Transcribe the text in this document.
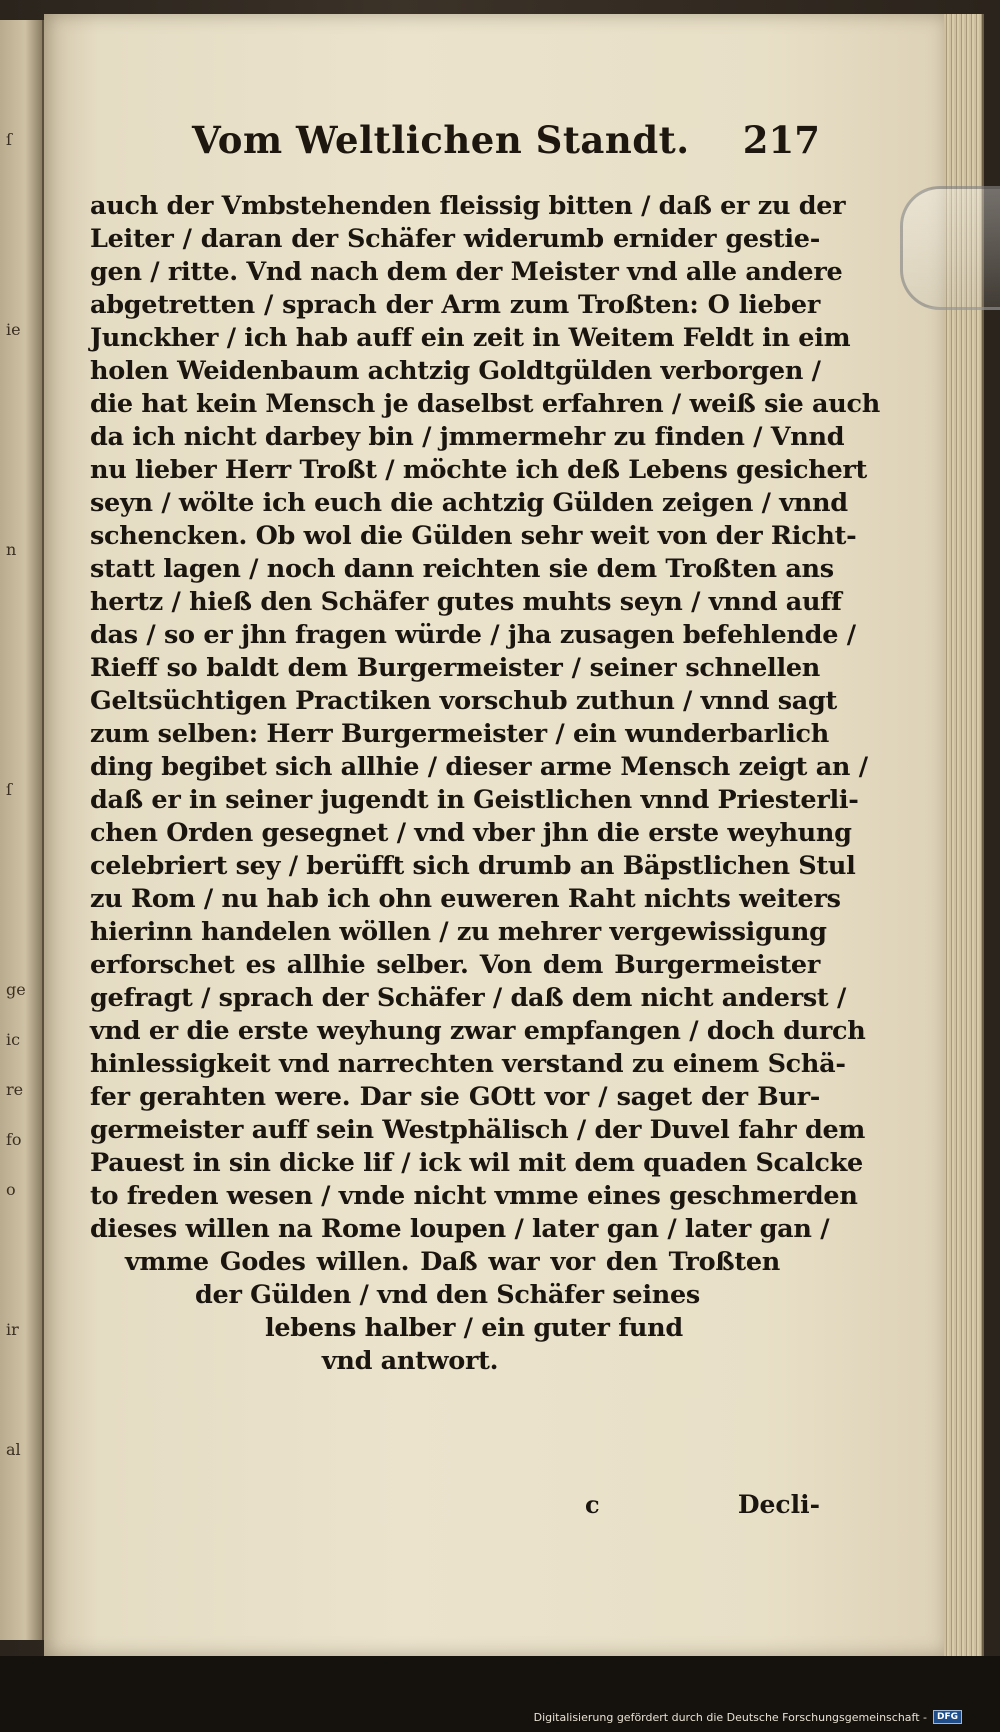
ſ
ie
n
ſ
ge
ic
re
fo
o
ir
al
Vom Weltlichen Standt. 217
auch der Vmbstehenden fleissig bitten / daß er zu der
Leiter / daran der Schäfer widerumb ernider gestie-
gen / ritte. Vnd nach dem der Meister vnd alle andere
abgetretten / sprach der Arm zum Troßten: O lieber
Junckher / ich hab auff ein zeit in Weitem Feldt in eim
holen Weidenbaum achtzig Goldtgülden verborgen /
die hat kein Mensch je daselbst erfahren / weiß sie auch
da ich nicht darbey bin / jmmermehr zu finden / Vnnd
nu lieber Herr Troßt / möchte ich deß Lebens gesichert
seyn / wölte ich euch die achtzig Gülden zeigen / vnnd
schencken. Ob wol die Gülden sehr weit von der Richt-
statt lagen / noch dann reichten sie dem Troßten ans
hertz / hieß den Schäfer gutes muhts seyn / vnnd auff
das / so er jhn fragen würde / jha zusagen befehlende /
Rieff so baldt dem Burgermeister / seiner schnellen
Geltsüchtigen Practiken vorschub zuthun / vnnd sagt
zum selben: Herr Burgermeister / ein wunderbarlich
ding begibet sich allhie / dieser arme Mensch zeigt an /
daß er in seiner jugendt in Geistlichen vnnd Priesterli-
chen Orden gesegnet / vnd vber jhn die erste weyhung
celebriert sey / berüfft sich drumb an Bäpstlichen Stul
zu Rom / nu hab ich ohn euweren Raht nichts weiters
hierinn handelen wöllen / zu mehrer vergewissigung
erforschet es allhie selber. Von dem Burgermeister
gefragt / sprach der Schäfer / daß dem nicht anderst /
vnd er die erste weyhung zwar empfangen / doch durch
hinlessigkeit vnd narrechten verstand zu einem Schä-
fer gerahten were. Dar sie GOtt vor / saget der Bur-
germeister auff sein Westphälisch / der Duvel fahr dem
Pauest in sin dicke lif / ick wil mit dem quaden Scalcke
to freden wesen / vnde nicht vmme eines geschmerden
dieses willen na Rome loupen / later gan / later gan /
vmme Godes willen. Daß war vor den Troßten
der Gülden / vnd den Schäfer seines
lebens halber / ein guter fund
vnd antwort.
c	Decli-
Digitalisierung gefördert durch die Deutsche Forschungsgemeinschaft -	DFG
